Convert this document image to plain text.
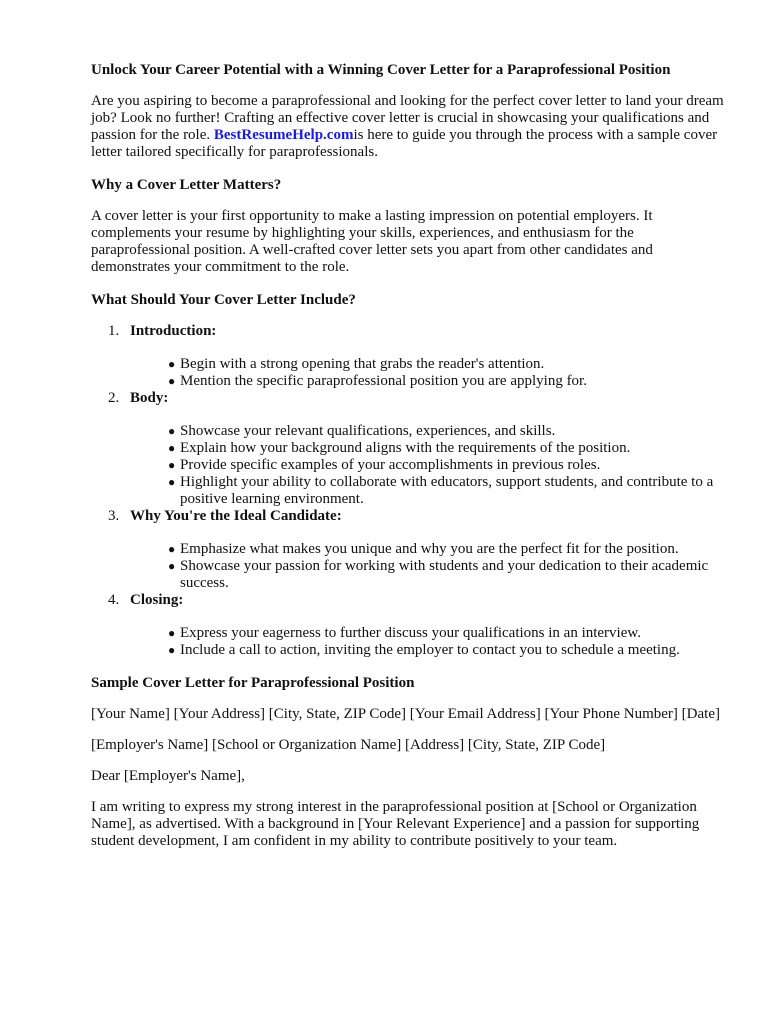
Unlock Your Career Potential with a Winning Cover Letter for a Paraprofessional Position

Are you aspiring to become a paraprofessional and looking for the perfect cover letter to land your dream job? Look no further! Crafting an effective cover letter is crucial in showcasing your qualifications and passion for the role. BestResumeHelp.comis here to guide you through the process with a sample cover letter tailored specifically for paraprofessionals.

Why a Cover Letter Matters?

A cover letter is your first opportunity to make a lasting impression on potential employers. It complements your resume by highlighting your skills, experiences, and enthusiasm for the paraprofessional position. A well-crafted cover letter sets you apart from other candidates and demonstrates your commitment to the role.

What Should Your Cover Letter Include?
1. Introduction:
● Begin with a strong opening that grabs the reader's attention.
● Mention the specific paraprofessional position you are applying for.
2. Body:
● Showcase your relevant qualifications, experiences, and skills.
● Explain how your background aligns with the requirements of the position.
● Provide specific examples of your accomplishments in previous roles.
● Highlight your ability to collaborate with educators, support students, and contribute to a positive learning environment.
3. Why You're the Ideal Candidate:
● Emphasize what makes you unique and why you are the perfect fit for the position.
● Showcase your passion for working with students and your dedication to their academic success.
4. Closing:
● Express your eagerness to further discuss your qualifications in an interview.
● Include a call to action, inviting the employer to contact you to schedule a meeting.
Sample Cover Letter for Paraprofessional Position

[Your Name] [Your Address] [City, State, ZIP Code] [Your Email Address] [Your Phone Number] [Date]

[Employer's Name] [School or Organization Name] [Address] [City, State, ZIP Code]

Dear [Employer's Name],

I am writing to express my strong interest in the paraprofessional position at [School or Organization Name], as advertised. With a background in [Your Relevant Experience] and a passion for supporting student development, I am confident in my ability to contribute positively to your team.
